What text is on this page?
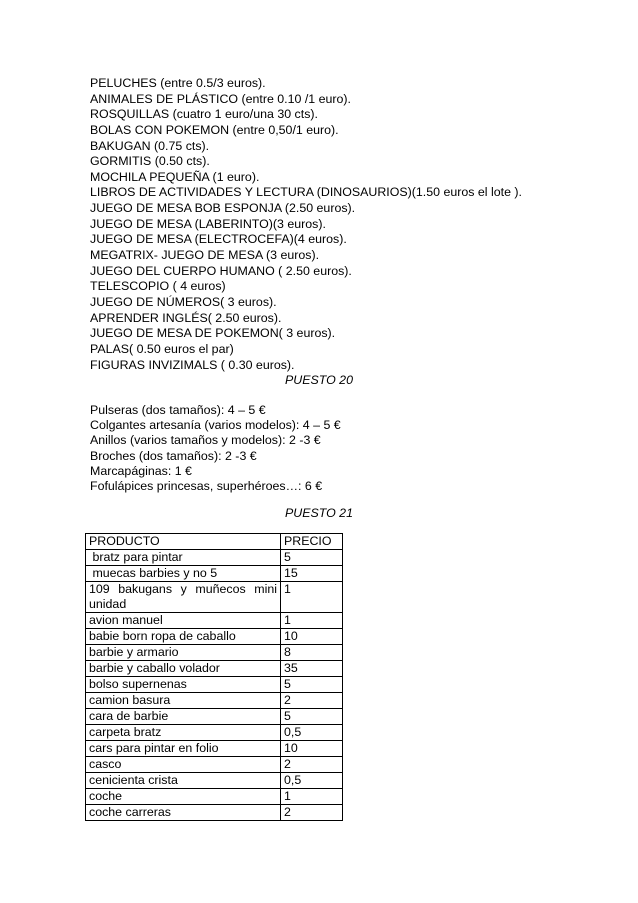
PELUCHES (entre 0.5/3 euros).
ANIMALES DE PLÁSTICO (entre 0.10 /1 euro).
ROSQUILLAS (cuatro 1 euro/una 30 cts).
BOLAS CON POKEMON (entre 0,50/1 euro).
BAKUGAN (0.75 cts).
GORMITIS (0.50 cts).
MOCHILA PEQUEÑA (1 euro).
LIBROS DE ACTIVIDADES Y LECTURA (DINOSAURIOS)(1.50 euros el lote ).
JUEGO DE MESA BOB ESPONJA (2.50 euros).
JUEGO DE MESA (LABERINTO)(3 euros).
JUEGO DE MESA (ELECTROCEFA)(4 euros).
MEGATRIX- JUEGO DE MESA (3 euros).
JUEGO DEL CUERPO HUMANO ( 2.50 euros).
TELESCOPIO ( 4 euros)
JUEGO DE NÚMEROS( 3 euros).
APRENDER INGLÉS( 2.50 euros).
JUEGO DE MESA DE POKEMON( 3 euros).
PALAS( 0.50 euros el par)
FIGURAS INVIZIMALS ( 0.30 euros).
PUESTO 20
Pulseras (dos tamaños): 4 – 5 €
Colgantes artesanía (varios modelos): 4 – 5 €
Anillos (varios tamaños y modelos): 2 -3 €
Broches (dos tamaños): 2 -3 €
Marcapáginas: 1 €
Fofulápices princesas, superhéroes…: 6 €
PUESTO 21
PRODUCTO	PRECIO
bratz para pintar	5
muecas barbies y no 5	15

109 bakugans y muñecos mini unidad	1
avion manuel	1
babie born ropa de caballo	10
barbie y armario	8
barbie y caballo volador	35
bolso supernenas	5
camion basura	2
cara de barbie	5
carpeta bratz	0,5
cars para pintar en folio	10
casco	2
cenicienta crista	0,5
coche	1
coche carreras	2
